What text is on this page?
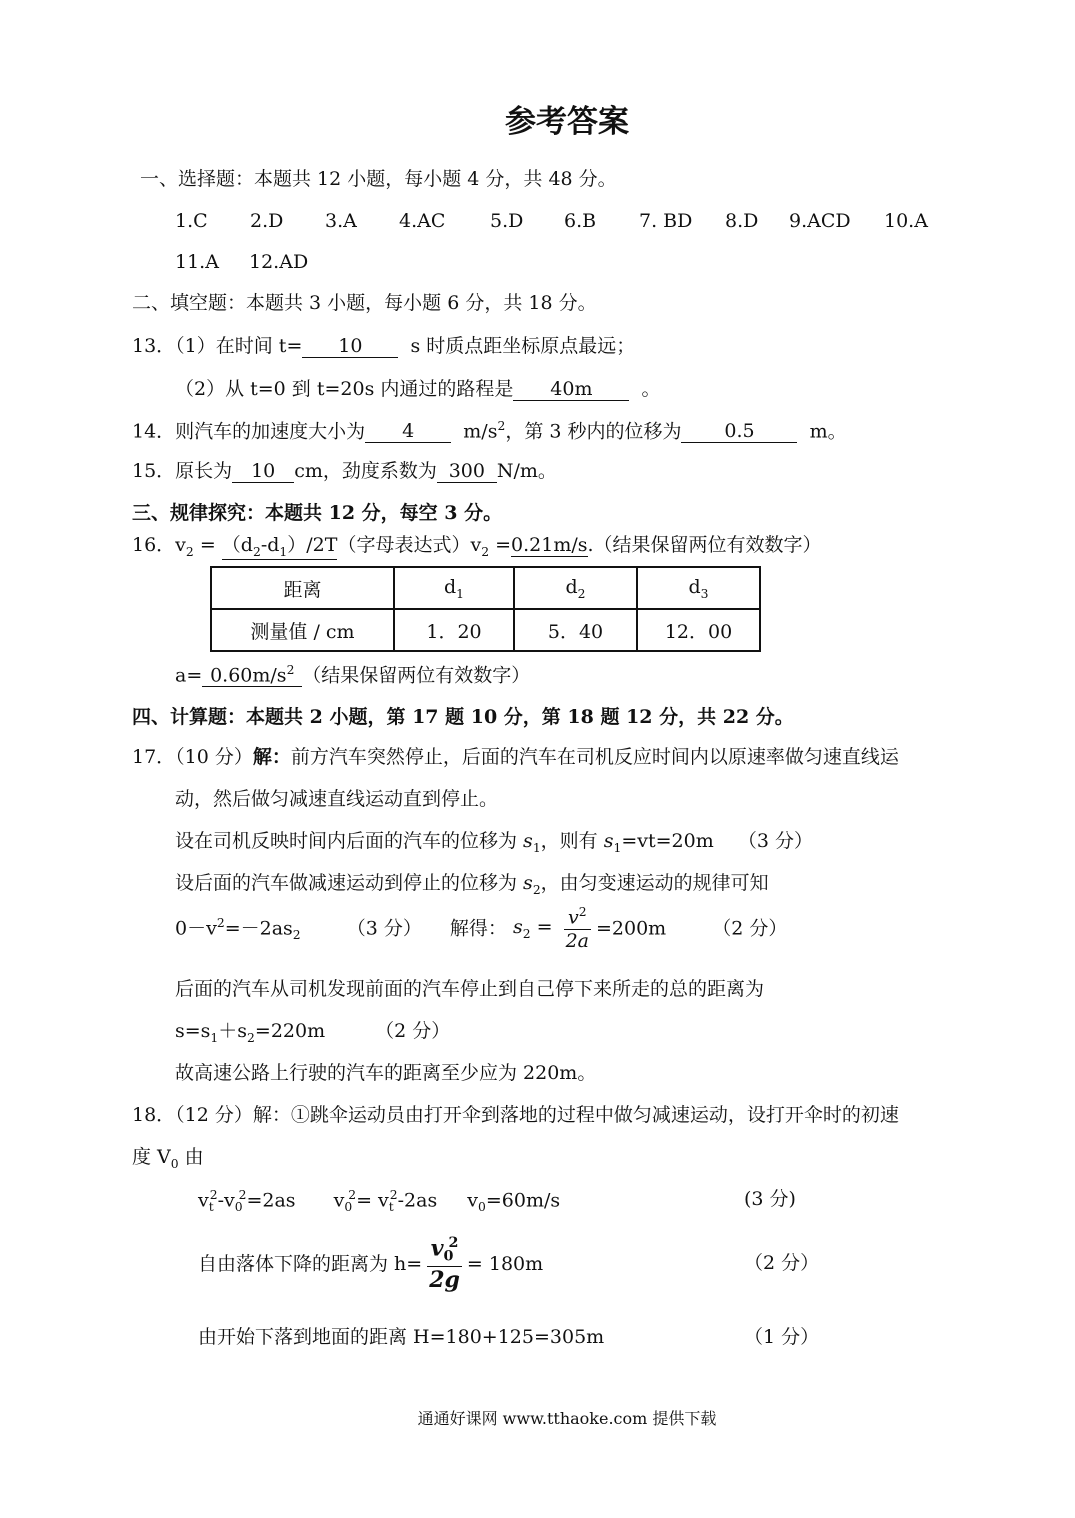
参考答案
一、选择题：本题共 12 小题，每小题 4 分，共 48 分。
1.C 2.D 3.A 4.AC 5.D 6.B 7. BD 8.D 9.ACD 10.A
11.A 12.AD
二、填空题：本题共 3 小题，每小题 6 分，共 18 分。
13．（1）在时间 t= 10	s 时质点距坐标原点最远；
（2）从 t=0 到 t=20s 内通过的路程是 40m	。
14．则汽车的加速度大小为 4	$m/s^2$，第 3 秒内的位移为 0.5	m。
15．原长为 10 cm，劲度系数为 300 N/m。
三、规律探究：本题共 12 分，每空 3 分。
16．$v_2 = (d_2-d_1)/2T$（字母表达式）$v_2 =0.21m/s$.（结果保留两位有效数字）
距离	$d_1$	$d_2$	$d_3$
测量值 / cm	1．20	5．40	12．00
$a= 0.60m/s^2$ （结果保留两位有效数字）
四、计算题：本题共 2 小题，第 17 题 10 分，第 18 题 12 分，共 22 分。
17．（10 分）解：前方汽车突然停止，后面的汽车在司机反应时间内以原速率做匀速直线运
动，然后做匀减速直线运动直到停止。
设在司机反映时间内后面的汽车的位移为 $s_1$，则有 $s_1=vt=20m$ （3 分）
设后面的汽车做减速运动到停止的位移为 $s_2$，由匀变速运动的规律可知
$0-v^2=-2as_2$ （3 分） 解得： $s_2 = \frac{v^2}{2a} =200m$ （2 分）
后面的汽车从司机发现前面的汽车停止到自己停下来所走的总的距离为
$s=s_1+s_2=220m$	（2 分）
故高速公路上行驶的汽车的距离至少应为 220m。
18．（12 分）解：①跳伞运动员由打开伞到落地的过程中做匀减速运动，设打开伞时的初速
度 $V_0$ 由
$v_t^2-v_0^2=2as$ $v_0^2= v_t^2-2as$ $v_0=60m/s$	(3 分)
自由落体下降的距离为 $h= \frac{v_0^2}{2g} = 180m$	（2 分）
由开始下落到地面的距离 H=180+125=305m	（1 分）
通通好课网 www.tthaoke.com 提供下载
